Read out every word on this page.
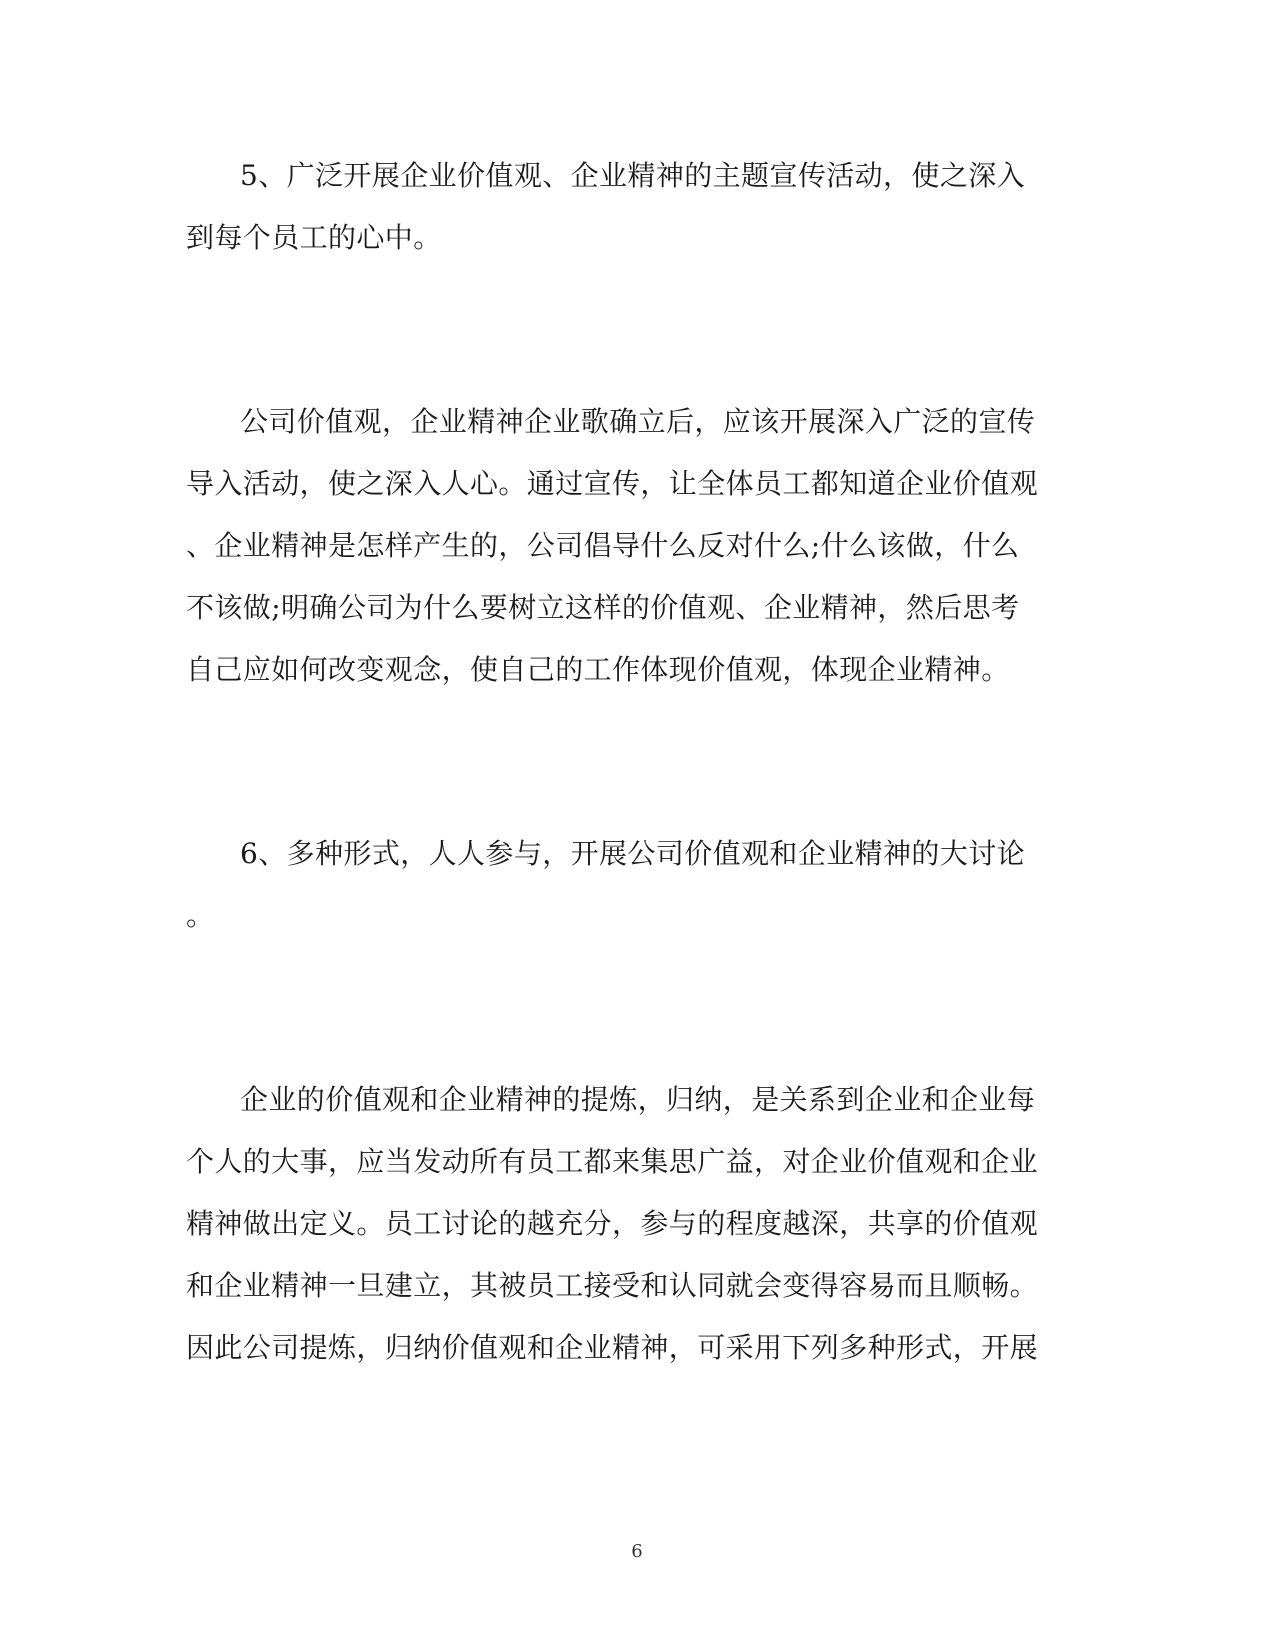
5、广泛开展企业价值观、企业精神的主题宣传活动，使之深入
到每个员工的心中。
公司价值观，企业精神企业歌确立后，应该开展深入广泛的宣传
导入活动，使之深入人心。通过宣传，让全体员工都知道企业价值观
、企业精神是怎样产生的，公司倡导什么反对什么;什么该做，什么
不该做;明确公司为什么要树立这样的价值观、企业精神，然后思考
自己应如何改变观念，使自己的工作体现价值观，体现企业精神。
6、多种形式，人人参与，开展公司价值观和企业精神的大讨论
。
企业的价值观和企业精神的提炼，归纳，是关系到企业和企业每
个人的大事，应当发动所有员工都来集思广益，对企业价值观和企业
精神做出定义。员工讨论的越充分，参与的程度越深，共享的价值观
和企业精神一旦建立，其被员工接受和认同就会变得容易而且顺畅。
因此公司提炼，归纳价值观和企业精神，可采用下列多种形式，开展
6
